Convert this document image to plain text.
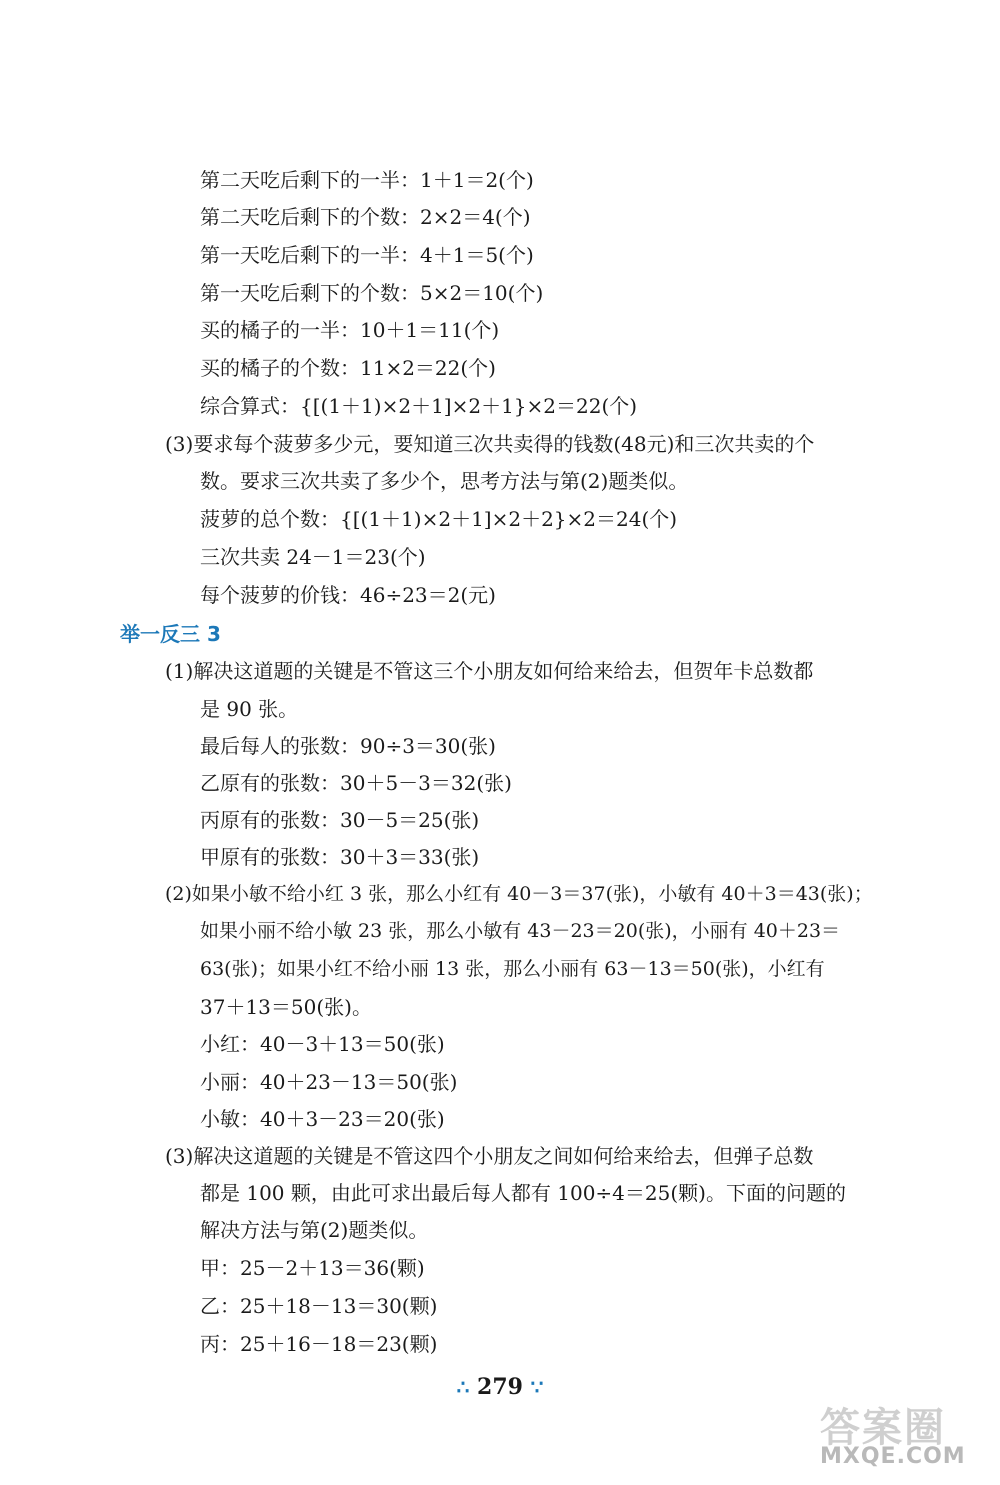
第二天吃后剩下的一半：1＋1＝2(个)
第二天吃后剩下的个数：2×2＝4(个)
第一天吃后剩下的一半：4＋1＝5(个)
第一天吃后剩下的个数：5×2＝10(个)
买的橘子的一半：10＋1＝11(个)
买的橘子的个数：11×2＝22(个)
综合算式：{[(1＋1)×2＋1]×2＋1}×2＝22(个)
(3)要求每个菠萝多少元，要知道三次共卖得的钱数(48元)和三次共卖的个
数。要求三次共卖了多少个，思考方法与第(2)题类似。
菠萝的总个数：{[(1＋1)×2＋1]×2＋2}×2＝24(个)
三次共卖 24－1＝23(个)
每个菠萝的价钱：46÷23＝2(元)
举一反三 3
(1)解决这道题的关键是不管这三个小朋友如何给来给去，但贺年卡总数都
是 90 张。
最后每人的张数：90÷3＝30(张)
乙原有的张数：30＋5－3＝32(张)
丙原有的张数：30－5＝25(张)
甲原有的张数：30＋3＝33(张)
(2)如果小敏不给小红 3 张，那么小红有 40－3＝37(张)，小敏有 40＋3＝43(张)；
如果小丽不给小敏 23 张，那么小敏有 43－23＝20(张)，小丽有 40＋23＝
63(张)；如果小红不给小丽 13 张，那么小丽有 63－13＝50(张)，小红有
37＋13＝50(张)。
小红：40－3＋13＝50(张)
小丽：40＋23－13＝50(张)
小敏：40＋3－23＝20(张)
(3)解决这道题的关键是不管这四个小朋友之间如何给来给去，但弹子总数
都是 100 颗，由此可求出最后每人都有 100÷4＝25(颗)。下面的问题的
解决方法与第(2)题类似。
甲：25－2＋13＝36(颗)
乙：25＋18－13＝30(颗)
丙：25＋16－18＝23(颗)
∴ 279 ∵
答案圈
MXQE.COM
